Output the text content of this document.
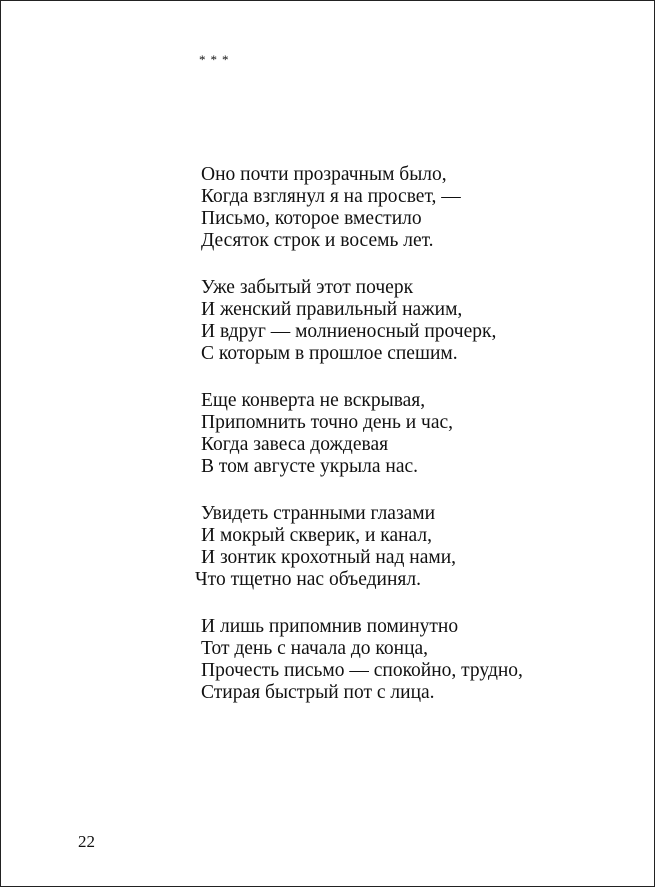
***
Оно почти прозрачным было,
Когда взглянул я на просвет, —
Письмо, которое вместило
Десяток строк и восемь лет.
Уже забытый этот почерк
И женский правильный нажим,
И вдруг — молниеносный прочерк,
С которым в прошлое спешим.
Еще конверта не вскрывая,
Припомнить точно день и час,
Когда завеса дождевая
В том августе укрыла нас.
Увидеть странными глазами
И мокрый скверик, и канал,
И зонтик крохотный над нами,
Что тщетно нас объединял.
И лишь припомнив поминутно
Тот день с начала до конца,
Прочесть письмо — спокойно, трудно,
Стирая быстрый пот с лица.
22
